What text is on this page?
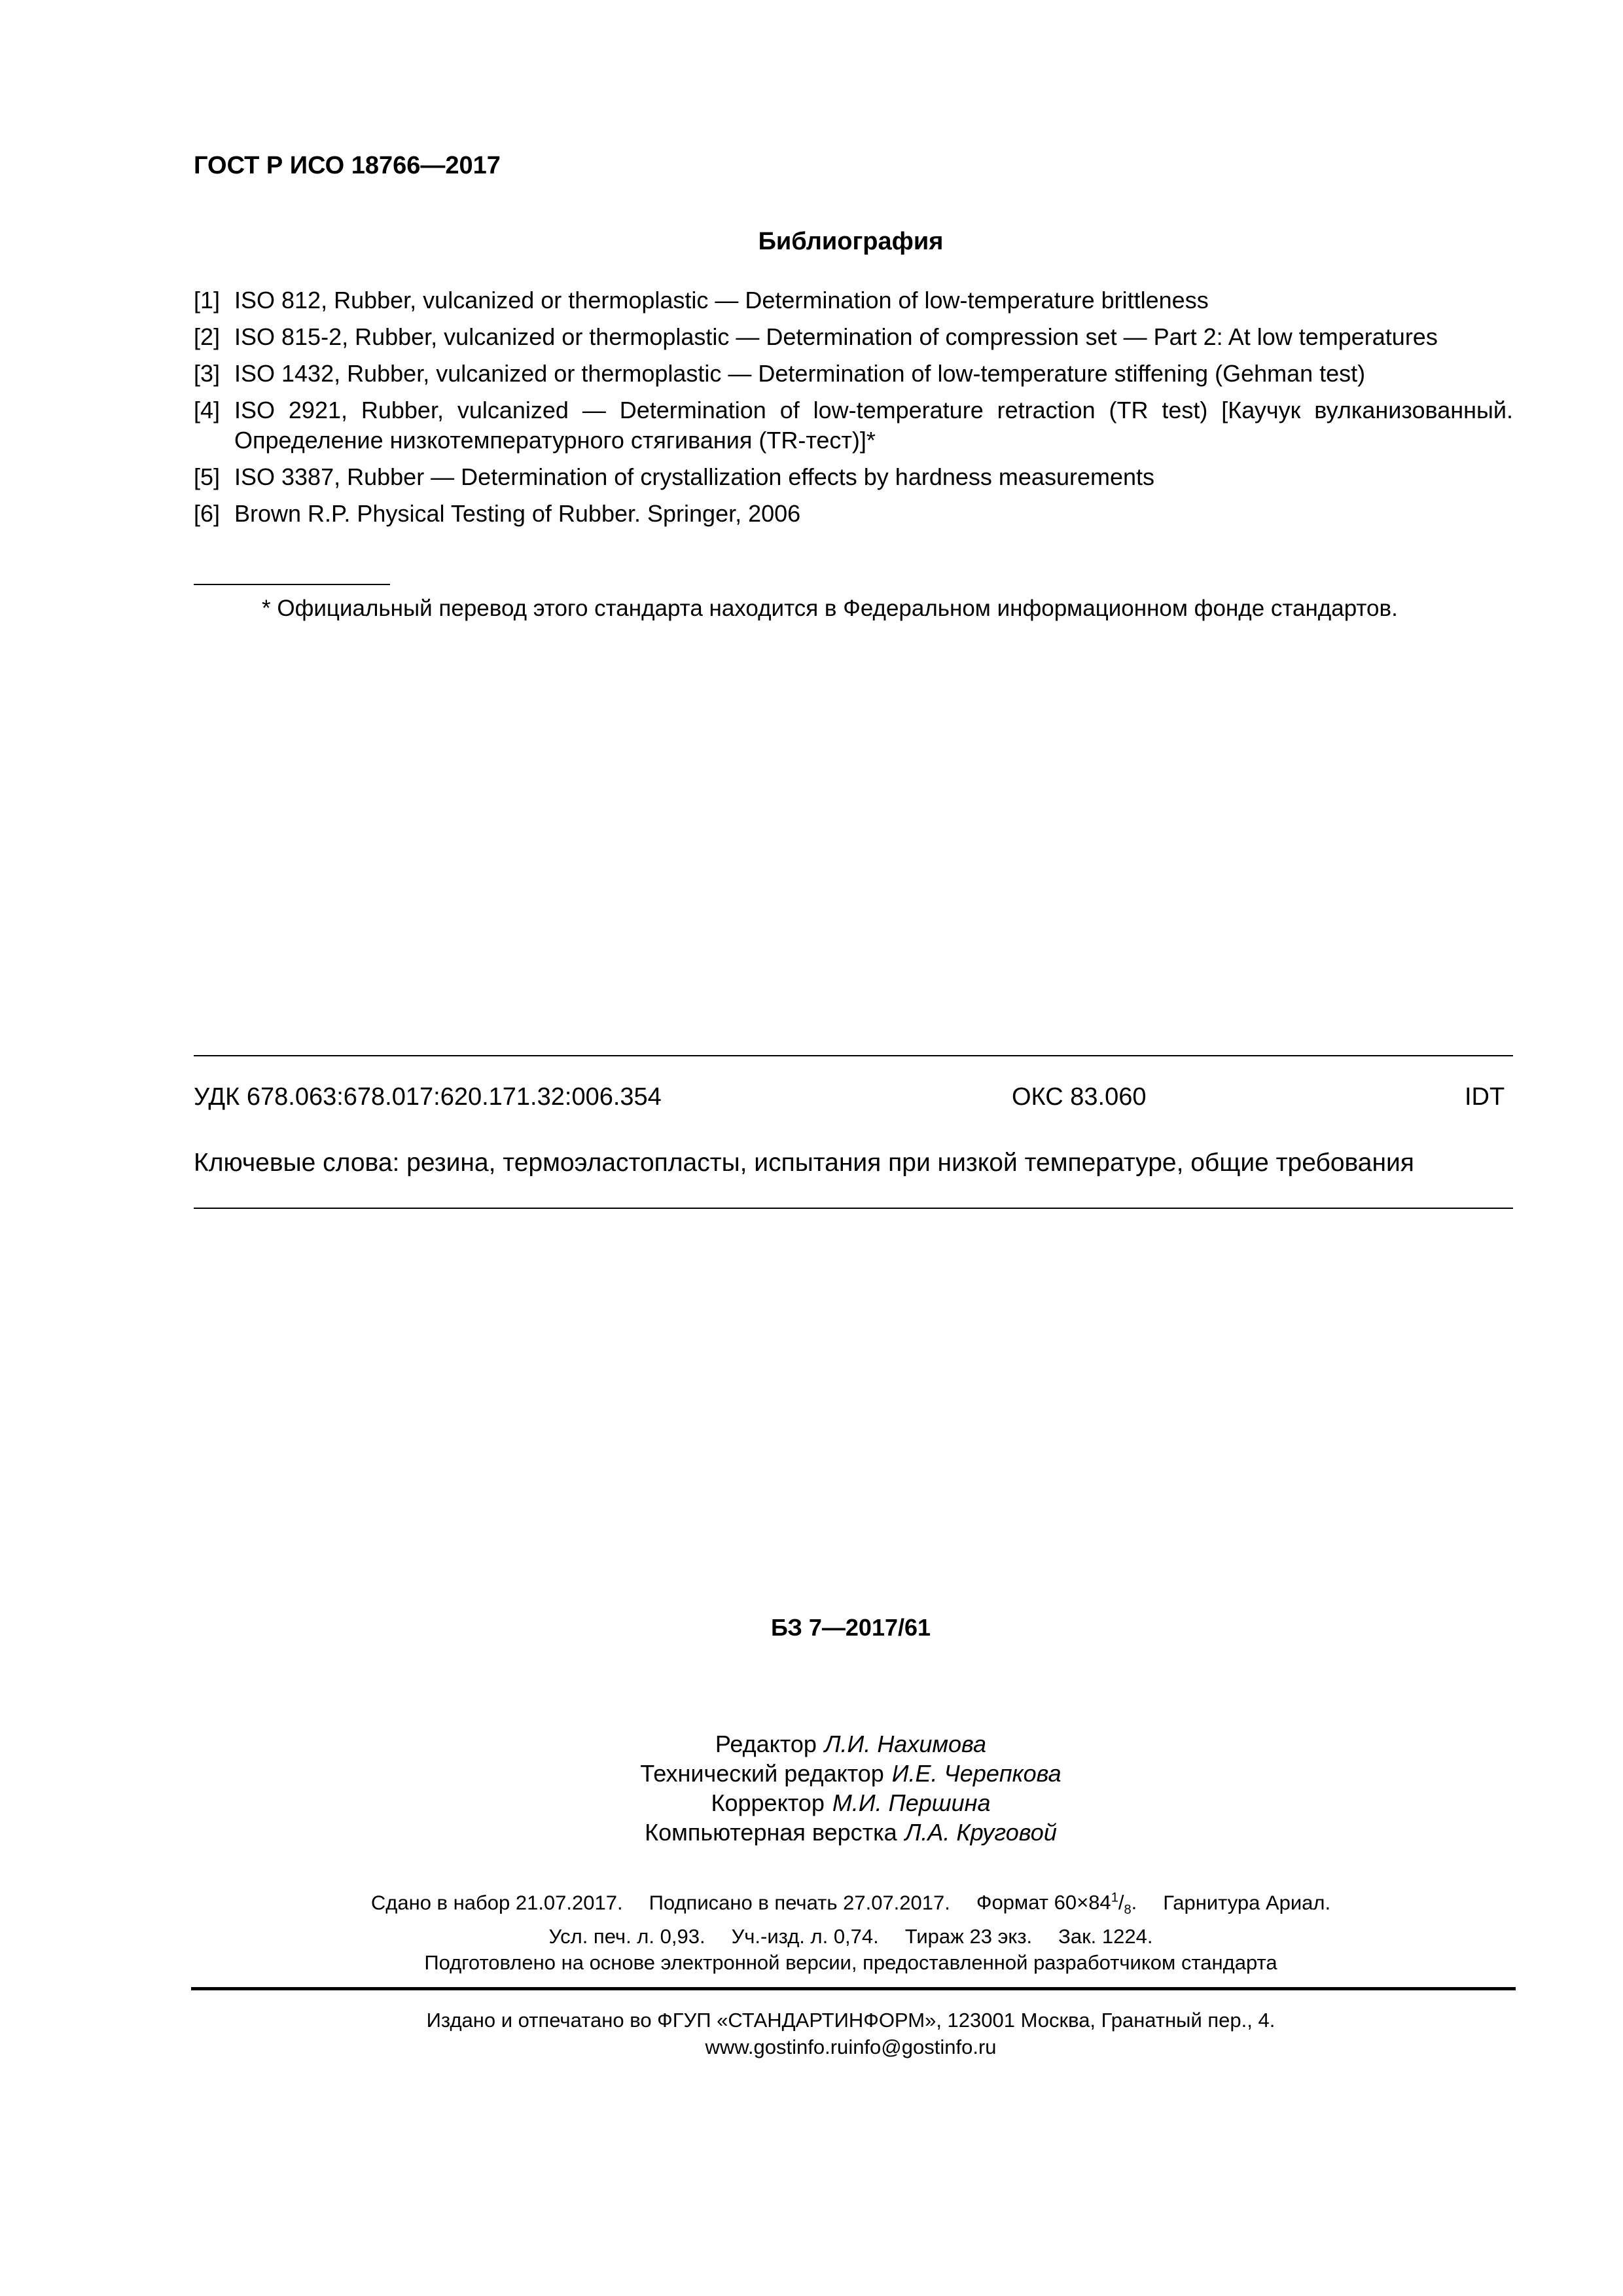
ГОСТ Р ИСО 18766—2017
Библиография
[1] ISO 812, Rubber, vulcanized or thermoplastic — Determination of low-temperature brittleness
[2] ISO 815-2, Rubber, vulcanized or thermoplastic — Determination of compression set — Part 2: At low temperatures
[3] ISO 1432, Rubber, vulcanized or thermoplastic — Determination of low-temperature stiffening (Gehman test)
[4] ISO 2921, Rubber, vulcanized — Determination of low-temperature retraction (TR test) [Каучук вулканизованный. Определение низкотемпературного стягивания (TR-тест)]*
[5] ISO 3387, Rubber — Determination of crystallization effects by hardness measurements
[6] Brown R.P. Physical Testing of Rubber. Springer, 2006
* Официальный перевод этого стандарта находится в Федеральном информационном фонде стандартов.
УДК 678.063:678.017:620.171.32:006.354	ОКС 83.060	IDT
Ключевые слова: резина, термоэластопласты, испытания при низкой температуре, общие требования
БЗ 7—2017/61
Редактор Л.И. Нахимова
Технический редактор И.Е. Черепкова
Корректор М.И. Першина
Компьютерная верстка Л.А. Круговой
Сдано в набор 21.07.2017. Подписано в печать 27.07.2017. Формат $60\times 84^1/_8$. Гарнитура Ариал.
Усл. печ. л. 0,93. Уч.-изд. л. 0,74. Тираж 23 экз. Зак. 1224.
Подготовлено на основе электронной версии, предоставленной разработчиком стандарта
Издано и отпечатано во ФГУП «СТАНДАРТИНФОРМ», 123001 Москва, Гранатный пер., 4.
www.gostinfo.ruinfo@gostinfo.ru
